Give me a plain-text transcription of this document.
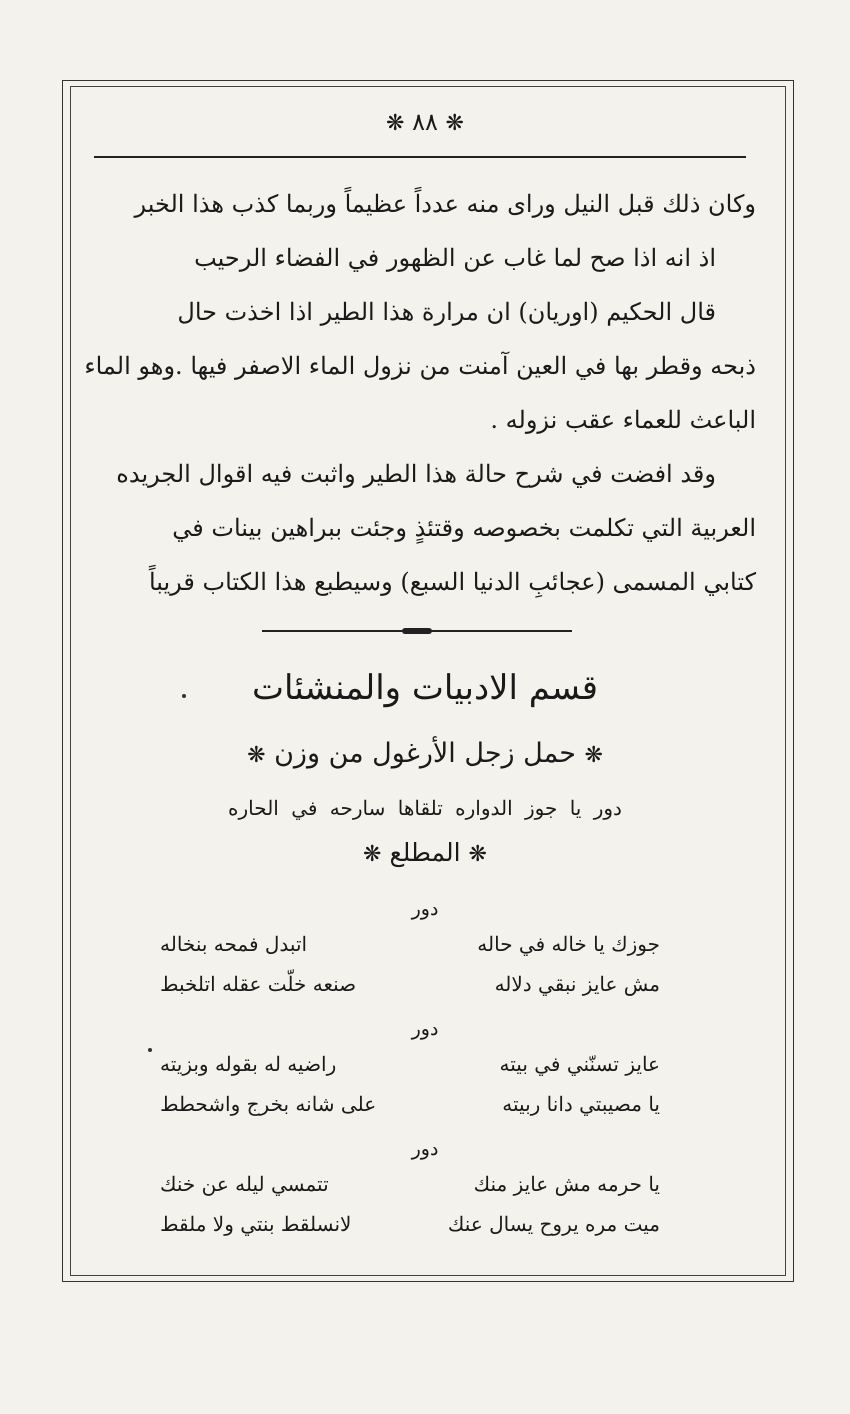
❋ ٨٨ ❋
وكان ذلك قبل النيل وراى منه عدداً عظيماً وربما كذب هذا الخبر
اذ انه اذا صح لما غاب عن الظهور في الفضاء الرحيب
قال الحكيم (اوريان) ان مرارة هذا الطير اذا اخذت حال
ذبحه وقطر بها في العين آمنت من نزول الماء الاصفر فيها .وهو الماء
الباعث للعماء عقب نزوله .
وقد افضت في شرح حالة هذا الطير واثبت فيه اقوال الجريده
العربية التي تكلمت بخصوصه وقتئذٍ وجئت ببراهين بينات في
كتابي المسمى (عجائبِ الدنيا السبع) وسيطبع هذا الكتاب قريباً
قسم الادبيات والمنشئات
❋ حمل زجل الأرغول من وزن ❋
دور يا جوز الدواره تلقاها سارحه في الحاره
❋ المطلع ❋
دور
جوزك يا خاله في حاله
اتبدل فمحه بنخاله
مش عايز نبقي دلاله
صنعه خلّت عقله اتلخبط
دور
عايز تسنّني في بيته
راضيه له بقوله وبزيته
يا مصيبتي دانا ربيته
على شانه بخرج واشحطط
دور
يا حرمه مش عايز منك
تتمسي ليله عن خنك
ميت مره يروح يسال عنك
لانسلقط بنتي ولا ملقط
